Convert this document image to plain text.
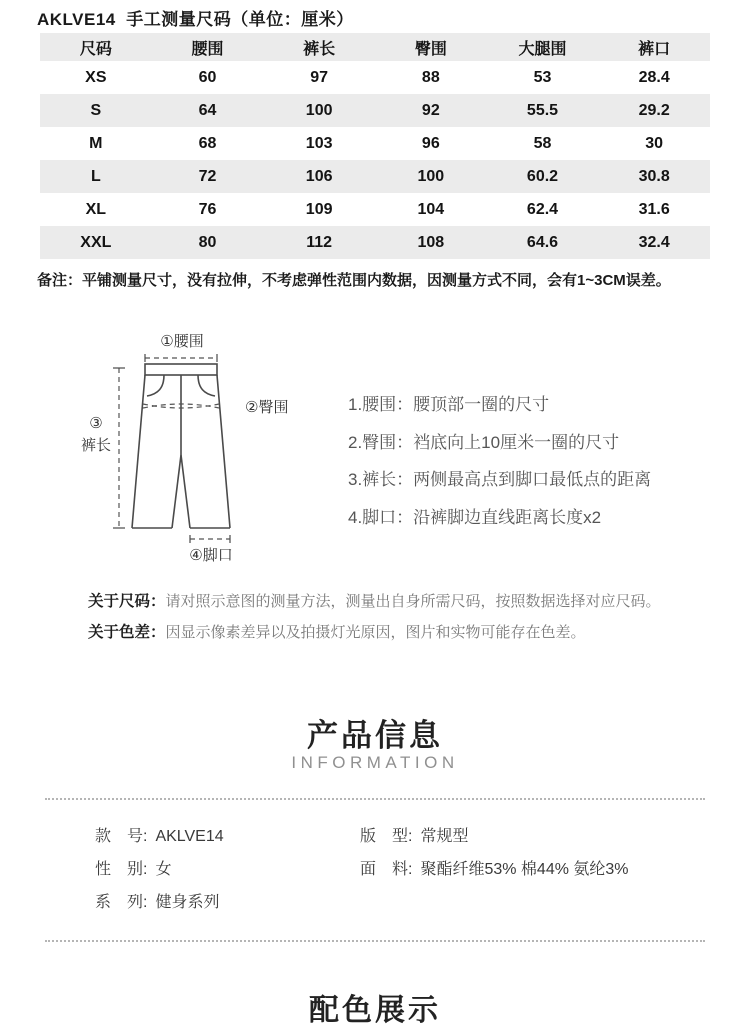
AKLVE14  手工测量尺码（单位：厘米）
尺码	腰围	裤长	臀围	大腿围	裤口
XS	60	97	88	53	28.4
S	64	100	92	55.5	29.2
M	68	103	96	58	30
L	72	106	100	60.2	30.8
XL	76	109	104	62.4	31.6
XXL	80	112	108	64.6	32.4
备注：平铺测量尺寸，没有拉伸，不考虑弹性范围内数据，因测量方式不同，会有1~3CM误差。
①腰围
②臀围
③
裤长
④脚口
1.腰围：腰顶部一圈的尺寸
2.臀围：裆底向上10厘米一圈的尺寸
3.裤长：两侧最高点到脚口最低点的距离
4.脚口：沿裤脚边直线距离长度x2
关于尺码：请对照示意图的测量方法，测量出自身所需尺码，按照数据选择对应尺码。
关于色差：因显示像素差异以及拍摄灯光原因，图片和实物可能存在色差。
产品信息
INFORMATION
款　号: AKLVE14
性　别: 女
系　列: 健身系列
版　型: 常规型
面　料: 聚酯纤维53% 棉44% 氨纶3%
配色展示
